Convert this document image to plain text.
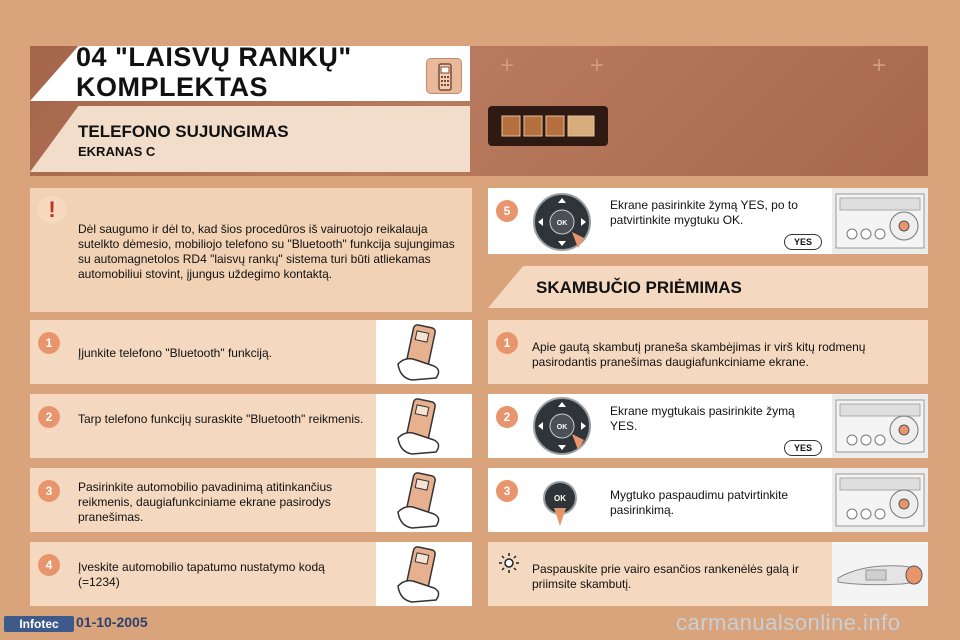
+	+	+
04 "LAISVŲ RANKŲ"
KOMPLEKTAS
TELEFONO SUJUNGIMAS
EKRANAS C
!
Dėl saugumo ir dėl to, kad šios procedūros iš vairuotojo reikalauja sutelkto dėmesio, mobiliojo telefono su "Bluetooth" funkcija sujungimas su automagnetolos RD4 "laisvų rankų" sistema turi būti atliekamas automobiliui stovint, įjungus uždegimo kontaktą.
1
Įjunkite telefono "Bluetooth" funkciją.
2	Tarp telefono funkcijų suraskite "Bluetooth" reikmenis.
3	Pasirinkite automobilio pavadinimą atitinkančius reikmenis, daugiafunkciniame ekrane pasirodys pranešimas.
4	Įveskite automobilio tapatumo nustatymo kodą (=1234)
5
OK
Ekrane pasirinkite žymą YES, po to patvirtinkite mygtuku OK.
YES
SKAMBUČIO PRIĖMIMAS
1	Apie gautą skambutį praneša skambėjimas ir virš kitų rodmenų pasirodantis pranešimas daugiafunkciniame ekrane.
2
OK
Ekrane mygtukais pasirinkite žymą YES.
YES
3
OK	Mygtuko paspaudimu patvirtinkite pasirinkimą.
Paspauskite prie vairo esančios rankenėlės galą ir priimsite skambutį.
Infotec	01-10-2005	carmanualsonline.info
